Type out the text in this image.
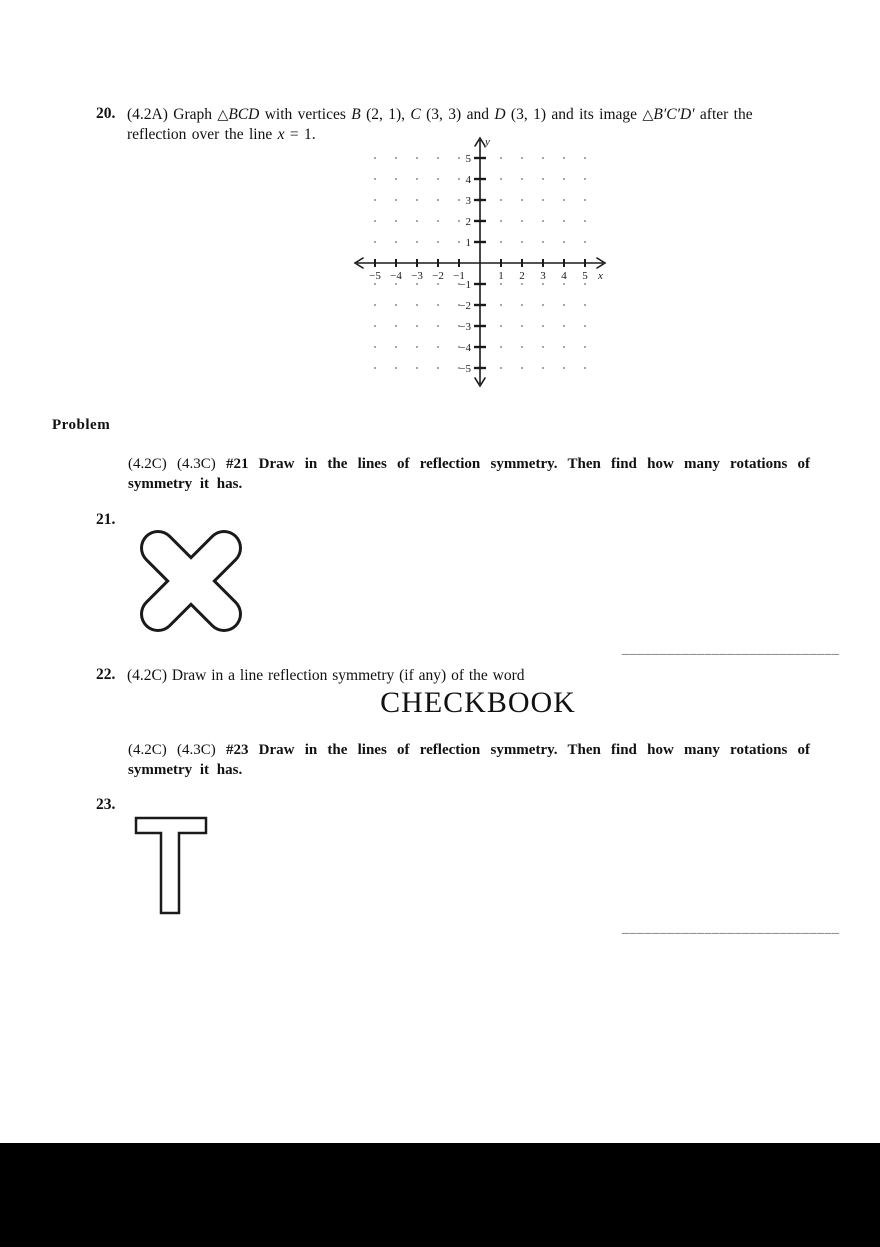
20. (4.2A) Graph △BCD with vertices B (2, 1), C (3, 3) and D (3, 1) and its image △B′C′D′ after the
reflection over the line x = 1.
−5 −4 −3 −2 −1	1 2 3 4 5
−5
−4
−3
−2
−1
1
2
3
4
5
x
y
Problem
(4.2C) (4.3C) #21 Draw in the lines of reflection symmetry. Then find how many rotations of
symmetry it has.
21.
_____________________________
22. (4.2C) Draw in a line reflection symmetry (if any) of the word
CHECKBOOK
(4.2C) (4.3C) #23 Draw in the lines of reflection symmetry. Then find how many rotations of
symmetry it has.
23.
_____________________________
